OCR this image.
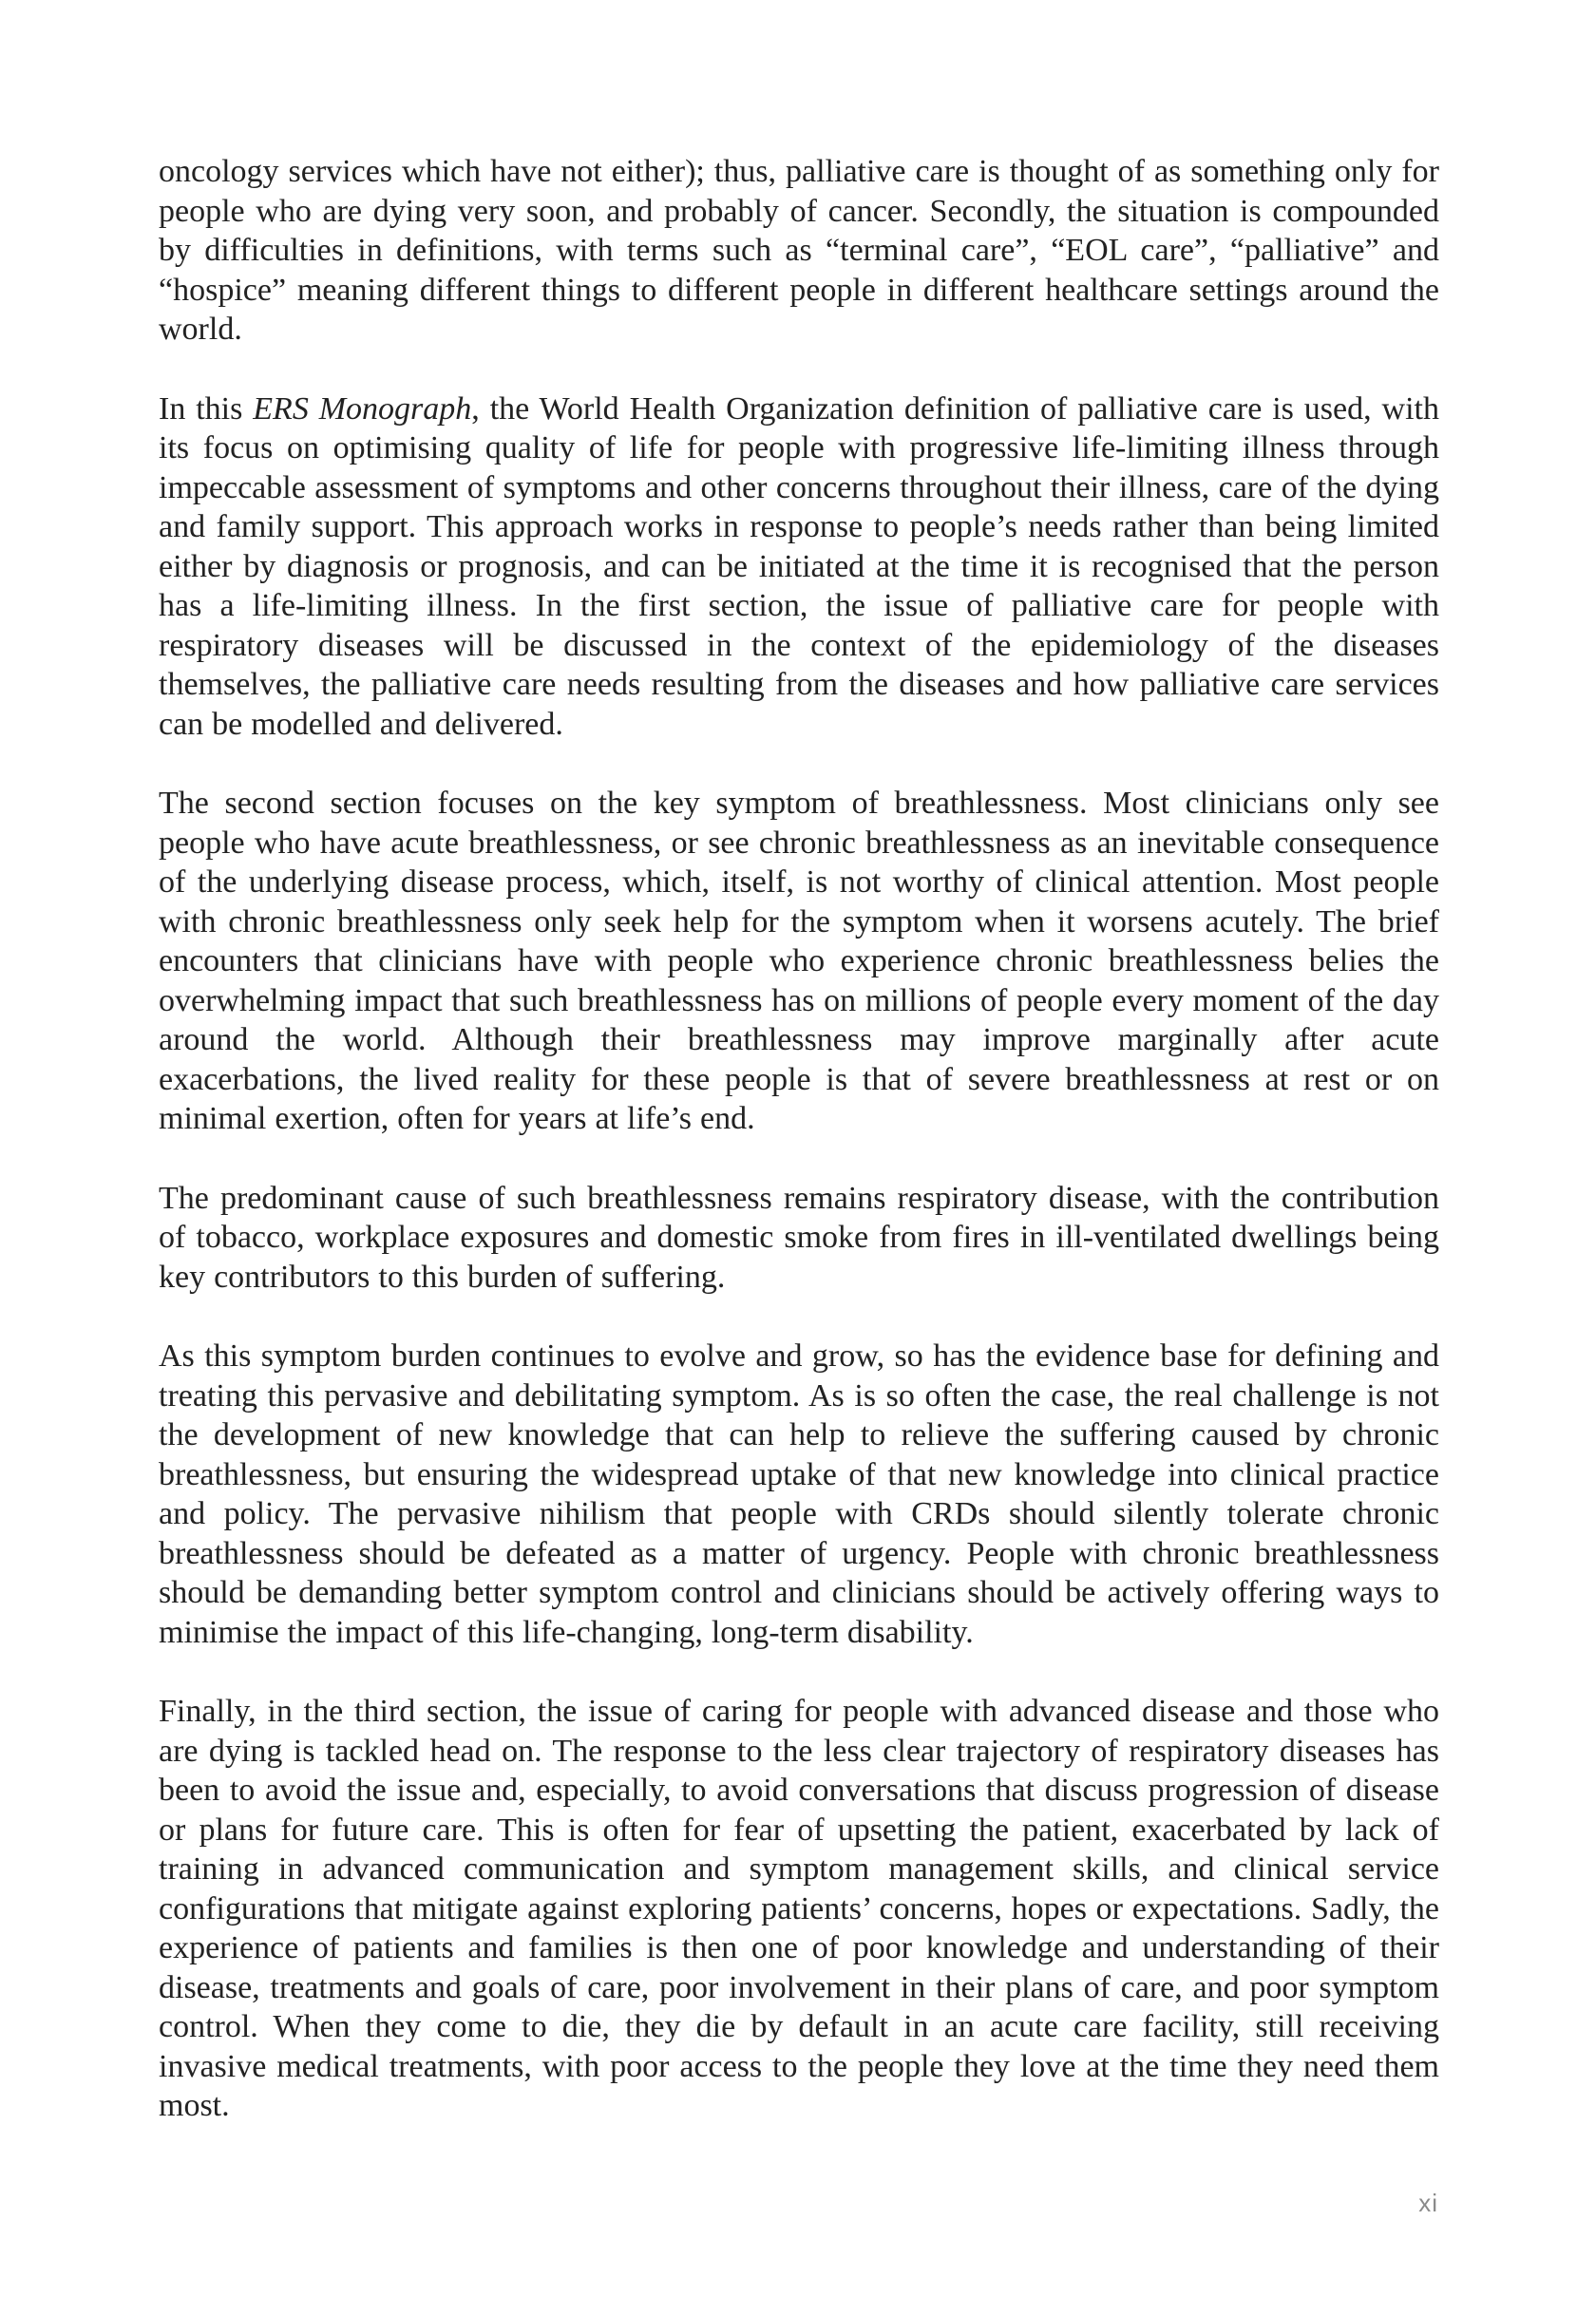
oncology services which have not either); thus, palliative care is thought of as something only for people who are dying very soon, and probably of cancer. Secondly, the situation is compounded by difficulties in definitions, with terms such as “terminal care”, “EOL care”, “palliative” and “hospice” meaning different things to different people in different healthcare settings around the world.

In this ERS Monograph, the World Health Organization definition of palliative care is used, with its focus on optimising quality of life for people with progressive life-limiting illness through impeccable assessment of symptoms and other concerns throughout their illness, care of the dying and family support. This approach works in response to people’s needs rather than being limited either by diagnosis or prognosis, and can be initiated at the time it is recognised that the person has a life-limiting illness. In the first section, the issue of palliative care for people with respiratory diseases will be discussed in the context of the epidemiology of the diseases themselves, the palliative care needs resulting from the diseases and how palliative care services can be modelled and delivered.

The second section focuses on the key symptom of breathlessness. Most clinicians only see people who have acute breathlessness, or see chronic breathlessness as an inevitable consequence of the underlying disease process, which, itself, is not worthy of clinical attention. Most people with chronic breathlessness only seek help for the symptom when it worsens acutely. The brief encounters that clinicians have with people who experience chronic breathlessness belies the overwhelming impact that such breathlessness has on millions of people every moment of the day around the world. Although their breathlessness may improve marginally after acute exacerbations, the lived reality for these people is that of severe breathlessness at rest or on minimal exertion, often for years at life’s end.

The predominant cause of such breathlessness remains respiratory disease, with the contribution of tobacco, workplace exposures and domestic smoke from fires in ill-ventilated dwellings being key contributors to this burden of suffering.

As this symptom burden continues to evolve and grow, so has the evidence base for defining and treating this pervasive and debilitating symptom. As is so often the case, the real challenge is not the development of new knowledge that can help to relieve the suffering caused by chronic breathlessness, but ensuring the widespread uptake of that new knowledge into clinical practice and policy. The pervasive nihilism that people with CRDs should silently tolerate chronic breathlessness should be defeated as a matter of urgency. People with chronic breathlessness should be demanding better symptom control and clinicians should be actively offering ways to minimise the impact of this life-changing, long-term disability.

Finally, in the third section, the issue of caring for people with advanced disease and those who are dying is tackled head on. The response to the less clear trajectory of respiratory diseases has been to avoid the issue and, especially, to avoid conversations that discuss progression of disease or plans for future care. This is often for fear of upsetting the patient, exacerbated by lack of training in advanced communication and symptom management skills, and clinical service configurations that mitigate against exploring patients’ concerns, hopes or expectations. Sadly, the experience of patients and families is then one of poor knowledge and understanding of their disease, treatments and goals of care, poor involvement in their plans of care, and poor symptom control. When they come to die, they die by default in an acute care facility, still receiving invasive medical treatments, with poor access to the people they love at the time they need them most.

xi
